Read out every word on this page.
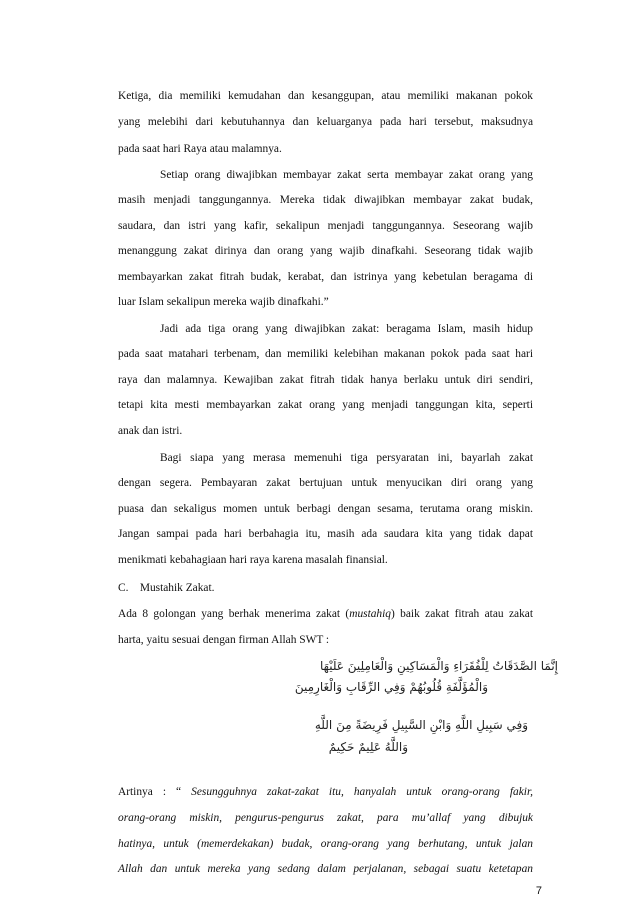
Ketiga, dia memiliki kemudahan dan kesanggupan, atau memiliki makanan pokok
yang melebihi dari kebutuhannya dan keluarganya pada hari tersebut, maksudnya
pada saat hari Raya atau malamnya.
Setiap orang diwajibkan membayar zakat serta membayar zakat orang yang
masih menjadi tanggungannya. Mereka tidak diwajibkan membayar zakat budak,
saudara, dan istri yang kafir, sekalipun menjadi tanggungannya. Seseorang wajib
menanggung zakat dirinya dan orang yang wajib dinafkahi. Seseorang tidak wajib
membayarkan zakat fitrah budak, kerabat, dan istrinya yang kebetulan beragama di
luar Islam sekalipun mereka wajib dinafkahi.”
Jadi ada tiga orang yang diwajibkan zakat: beragama Islam, masih hidup
pada saat matahari terbenam, dan memiliki kelebihan makanan pokok pada saat hari
raya dan malamnya. Kewajiban zakat fitrah tidak hanya berlaku untuk diri sendiri,
tetapi kita mesti membayarkan zakat orang yang menjadi tanggungan kita, seperti
anak dan istri.
Bagi siapa yang merasa memenuhi tiga persyaratan ini, bayarlah zakat
dengan segera. Pembayaran zakat bertujuan untuk menyucikan diri orang yang
puasa dan sekaligus momen untuk berbagi dengan sesama, terutama orang miskin.
Jangan sampai pada hari berbahagia itu, masih ada saudara kita yang tidak dapat
menikmati kebahagiaan hari raya karena masalah finansial.
C.    Mustahik Zakat.
Ada 8 golongan yang berhak menerima zakat (mustahiq) baik zakat fitrah atau zakat
harta, yaitu sesuai dengan firman Allah SWT :
إِنَّمَا الصَّدَقَاتُ لِلْفُقَرَاءِ وَالْمَسَاكِينِ وَالْعَامِلِينَ عَلَيْهَا
وَالْمُؤَلَّفَةِ قُلُوبُهُمْ وَفِي الرِّقَابِ وَالْغَارِمِينَ
وَفِي سَبِيلِ اللَّهِ وَابْنِ السَّبِيلِ فَرِيضَةً مِنَ اللَّهِ
وَاللَّهُ عَلِيمٌ حَكِيمٌ
Artinya : “ Sesungguhnya zakat-zakat itu, hanyalah untuk orang-orang fakir,
orang-orang miskin, pengurus-pengurus zakat, para mu’allaf yang dibujuk
hatinya, untuk (memerdekakan) budak, orang-orang yang berhutang, untuk jalan
Allah dan untuk mereka yang sedang dalam perjalanan, sebagai suatu ketetapan
7
